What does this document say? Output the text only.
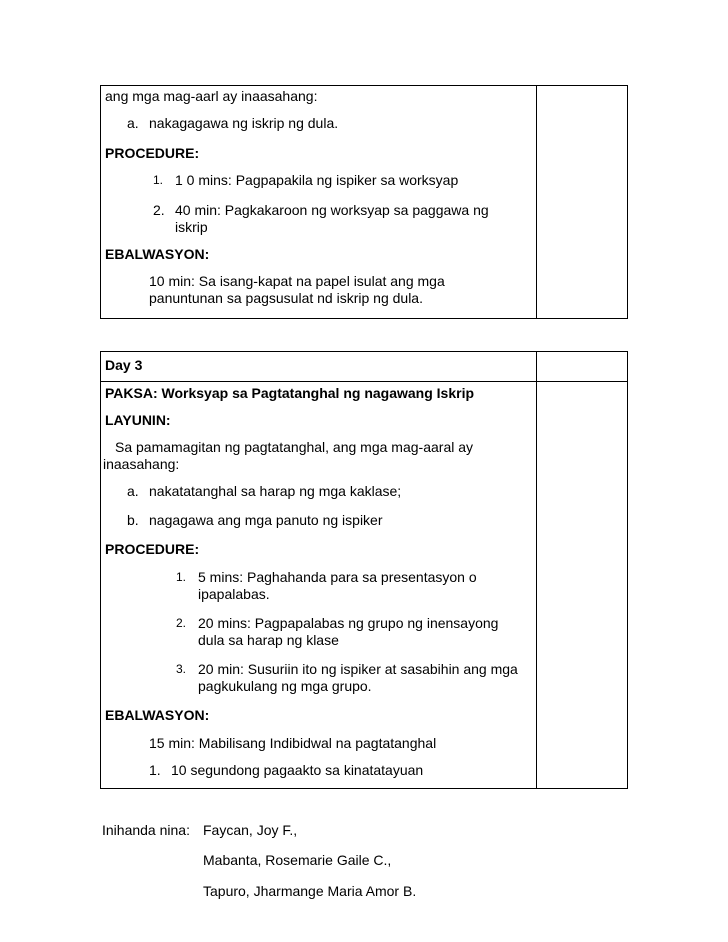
ang mga mag-aarl ay inaasahang:
a. nakagagawa ng iskrip ng dula.
PROCEDURE:
1. 1 0 mins: Pagpapakila ng ispiker sa worksyap
2. 40 min: Pagkakaroon ng worksyap sa paggawa ng
iskrip
EBALWASYON:
10 min: Sa isang-kapat na papel isulat ang mga
panuntunan sa pagsusulat nd iskrip ng dula.
Day 3
PAKSA: Worksyap sa Pagtatanghal ng nagawang Iskrip
LAYUNIN:
Sa pamamagitan ng pagtatanghal, ang mga mag-aaral ay
inaasahang:
a. nakatatanghal sa harap ng mga kaklase;
b. nagagawa ang mga panuto ng ispiker
PROCEDURE:
1. 5 mins: Paghahanda para sa presentasyon o
ipapalabas.
2. 20 mins: Pagpapalabas ng grupo ng inensayong
dula sa harap ng klase
3. 20 min: Susuriin ito ng ispiker at sasabihin ang mga
pagkukulang ng mga grupo.
EBALWASYON:
15 min: Mabilisang Indibidwal na pagtatanghal
1. 10 segundong pagaakto sa kinatatayuan
Inihanda nina: Faycan, Joy F.,
Mabanta, Rosemarie Gaile C.,
Tapuro, Jharmange Maria Amor B.
